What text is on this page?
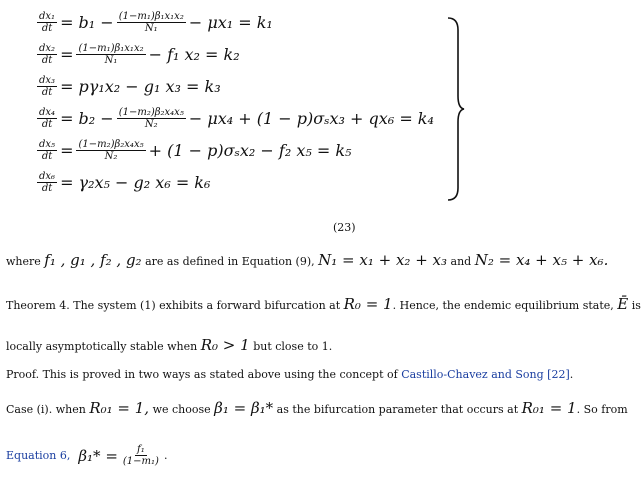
$\frac{\text{dx₁}}{dt} = b_1 - \frac{\text{(1−m₁)β₁x₁x₂}}{\text{N₁}} - \mu x_1 = k_1$
$\frac{\text{dx₂}}{dt} = \frac{\text{(1−m₁)β₁x₁x₂}}{\text{N₁}} - f_1$ x₂ = k₂
$\frac{\text{dx₃}}{dt} = p\gamma_1x_2 - g_1$ x₃ = k₃
$\frac{\text{dx₄}}{dt} = b_2 - \frac{\text{(1−m₂)β₂x₄x₅}}{\text{N₂}} - \mu x_4 + (1 - p)\sigma_sx_3 + qx_6 = k_4$
$\frac{\text{dx₅}}{dt} = \frac{\text{(1−m₂)β₂x₄x₅}}{\text{N₂}} + (1 - p)\sigma_sx_2 - f_2$ x₅ = k₅
$\frac{\text{dx₆}}{dt} = \gamma_2x_5 - g_2$ x₆ = k₆
(23)
where f₁ , g₁ , f₂ , g₂ are as defined in Equation (9), N₁ = x₁ + x₂ + x₃ and N₂ = x₄ + x₅ + x₆.
Theorem 4. The system (1) exhibits a forward bifurcation at R₀ = 1. Hence, the endemic equilibrium state, Ē is
locally asymptotically stable when R₀ > 1 but close to 1.
Proof. This is proved in two ways as stated above using the concept of Castillo-Chavez and Song [22].
Case (i). when R₀₁ = 1, we choose β₁ = β₁* as the bifurcation parameter that occurs at R₀₁ = 1. So from
Equation 6, $\beta_1* = \frac{\text{f₁}}{\text{(1−m₁)}}$ .
